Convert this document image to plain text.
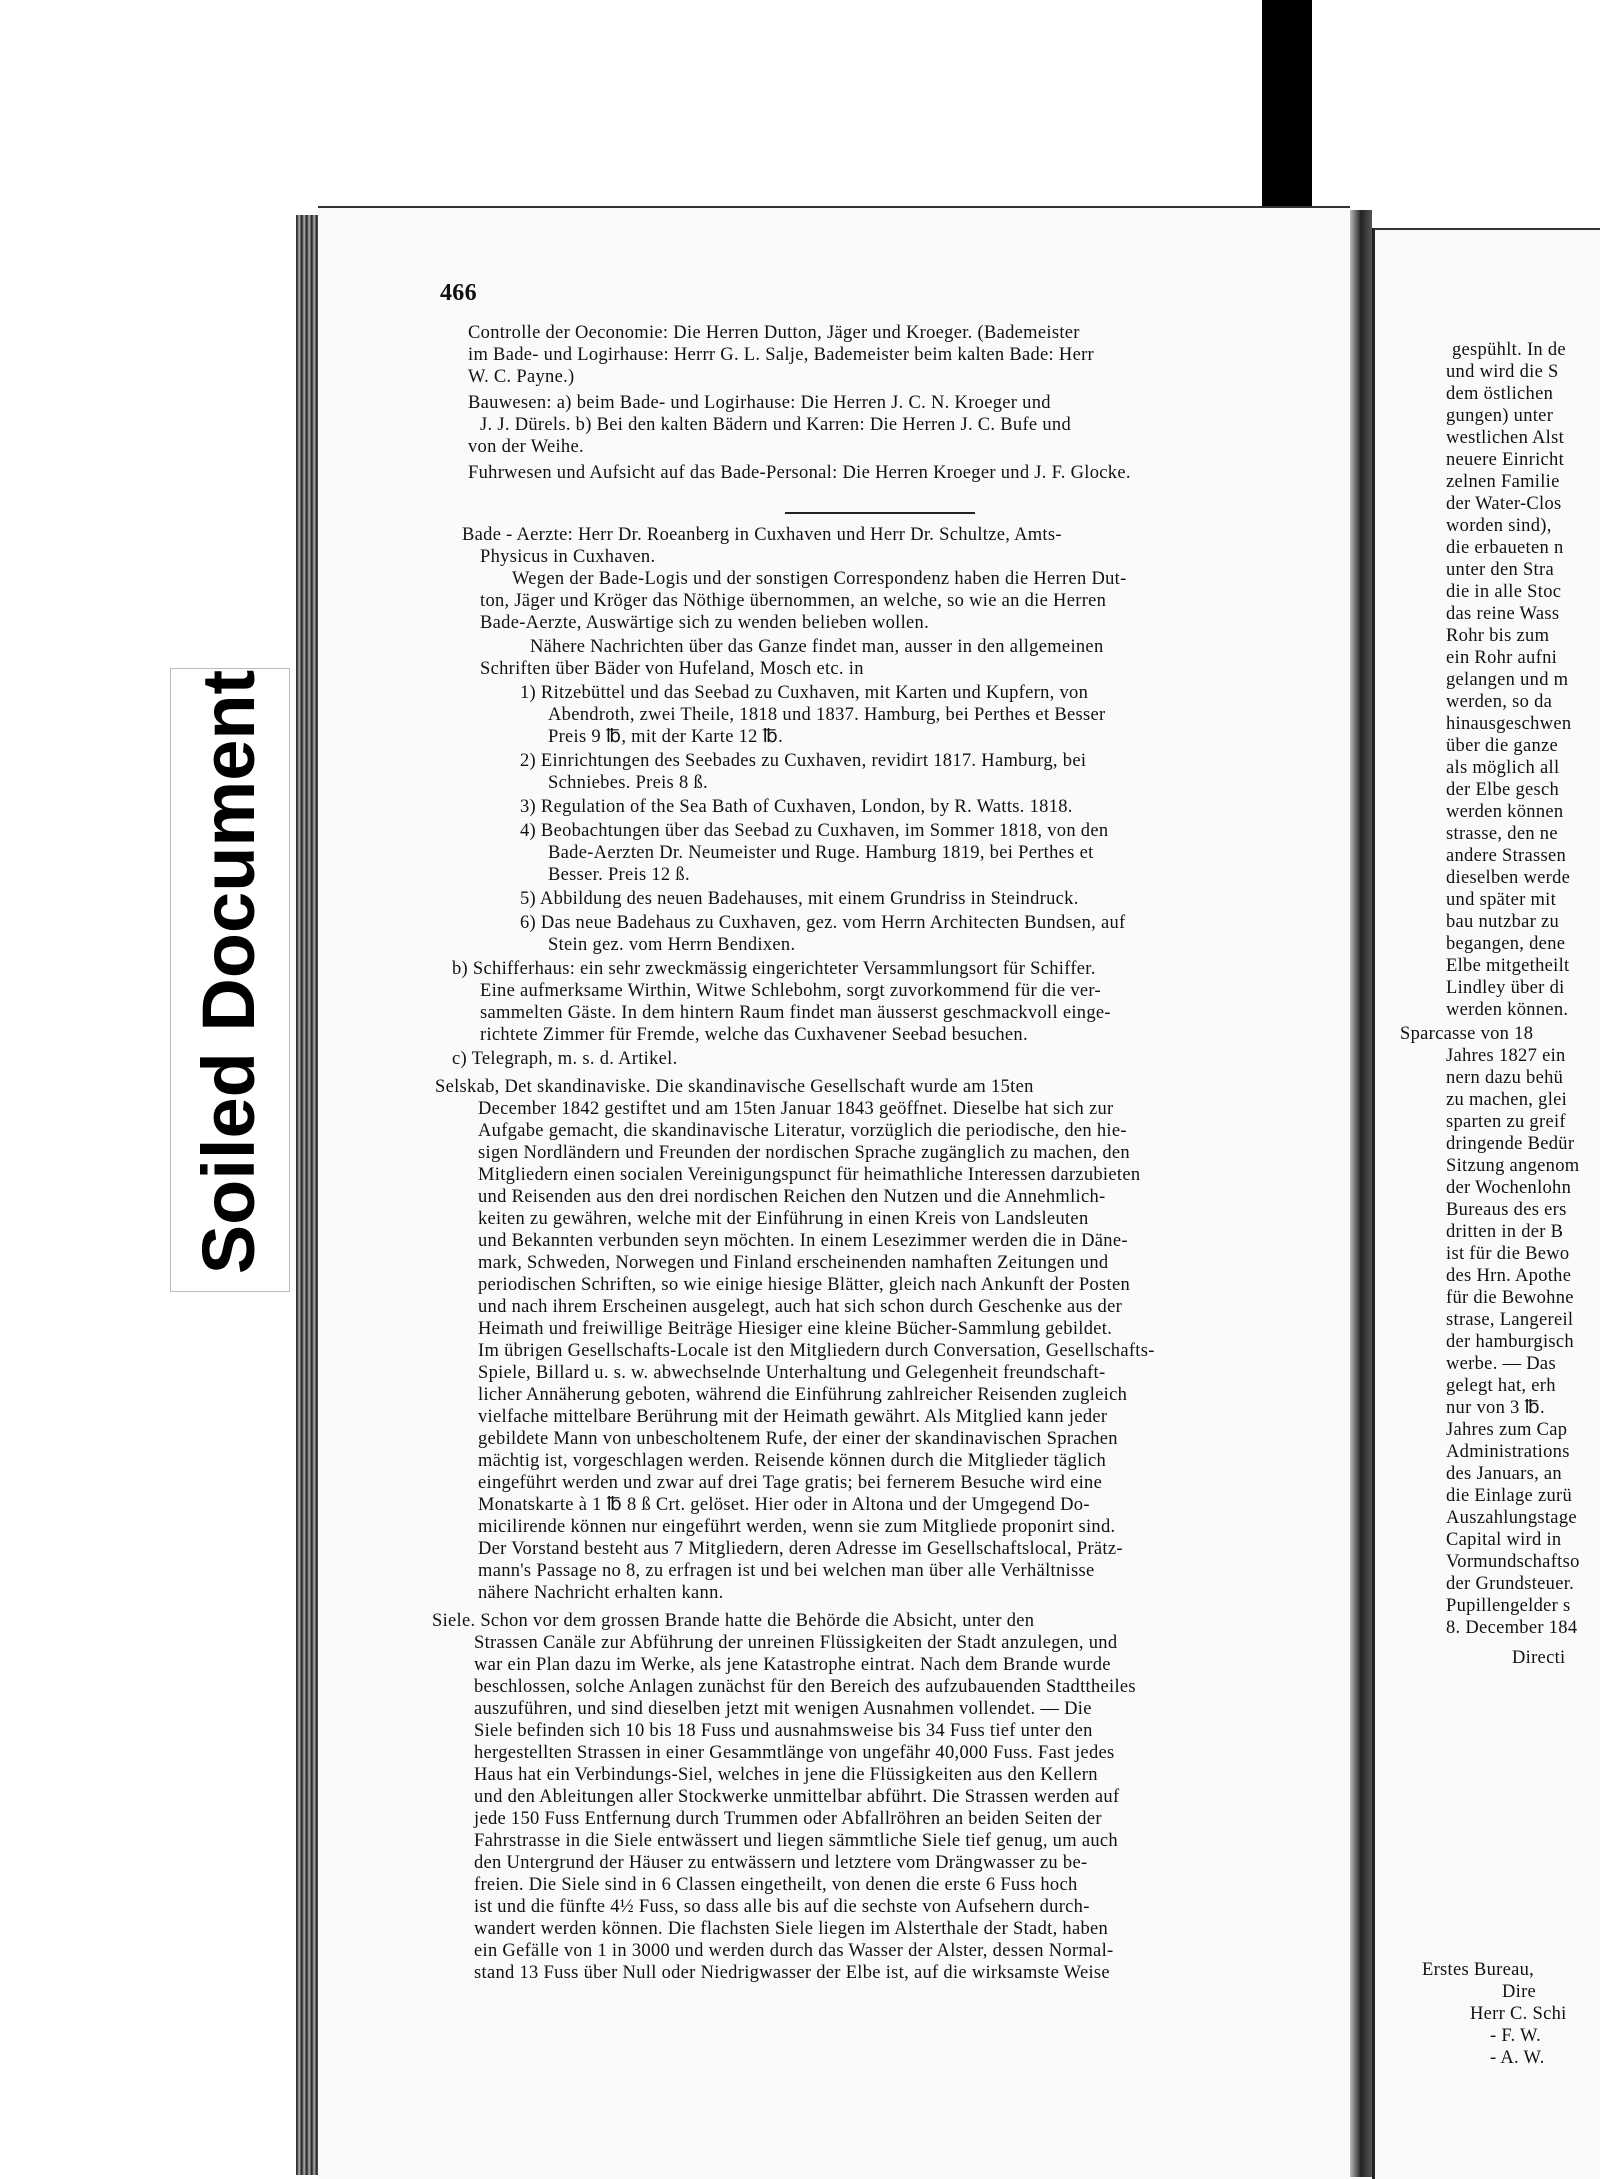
Soiled Document
466
Controlle der Oeconomie: Die Herren Dutton, Jäger und Kroeger. (Bademeister
im Bade- und Logirhause: Herrr G. L. Salje, Bademeister beim kalten Bade: Herr
W. C. Payne.)
Bauwesen: a) beim Bade- und Logirhause: Die Herren J. C. N. Kroeger und
J. J. Dürels. b) Bei den kalten Bädern und Karren: Die Herren J. C. Bufe und
von der Weihe.
Fuhrwesen und Aufsicht auf das Bade-Personal: Die Herren Kroeger und J. F. Glocke.
Bade - Aerzte: Herr Dr. Roeanberg in Cuxhaven und Herr Dr. Schultze, Amts-
Physicus in Cuxhaven.
Wegen der Bade-Logis und der sonstigen Correspondenz haben die Herren Dut-
ton, Jäger und Kröger das Nöthige übernommen, an welche, so wie an die Herren
Bade-Aerzte, Auswärtige sich zu wenden belieben wollen.
Nähere Nachrichten über das Ganze findet man, ausser in den allgemeinen
Schriften über Bäder von Hufeland, Mosch etc. in
1) Ritzebüttel und das Seebad zu Cuxhaven, mit Karten und Kupfern, von
Abendroth, zwei Theile, 1818 und 1837. Hamburg, bei Perthes et Besser
Preis 9 ℔, mit der Karte 12 ℔.
2) Einrichtungen des Seebades zu Cuxhaven, revidirt 1817. Hamburg, bei
Schniebes. Preis 8 ß.
3) Regulation of the Sea Bath of Cuxhaven, London, by R. Watts. 1818.
4) Beobachtungen über das Seebad zu Cuxhaven, im Sommer 1818, von den
Bade-Aerzten Dr. Neumeister und Ruge. Hamburg 1819, bei Perthes et
Besser. Preis 12 ß.
5) Abbildung des neuen Badehauses, mit einem Grundriss in Steindruck.
6) Das neue Badehaus zu Cuxhaven, gez. vom Herrn Architecten Bundsen, auf
Stein gez. vom Herrn Bendixen.
b) Schifferhaus: ein sehr zweckmässig eingerichteter Versammlungsort für Schiffer.
Eine aufmerksame Wirthin, Witwe Schlebohm, sorgt zuvorkommend für die ver-
sammelten Gäste. In dem hintern Raum findet man äusserst geschmackvoll einge-
richtete Zimmer für Fremde, welche das Cuxhavener Seebad besuchen.
c) Telegraph, m. s. d. Artikel.
Selskab, Det skandinaviske. Die skandinavische Gesellschaft wurde am 15ten
December 1842 gestiftet und am 15ten Januar 1843 geöffnet. Dieselbe hat sich zur
Aufgabe gemacht, die skandinavische Literatur, vorzüglich die periodische, den hie-
sigen Nordländern und Freunden der nordischen Sprache zugänglich zu machen, den
Mitgliedern einen socialen Vereinigungspunct für heimathliche Interessen darzubieten
und Reisenden aus den drei nordischen Reichen den Nutzen und die Annehmlich-
keiten zu gewähren, welche mit der Einführung in einen Kreis von Landsleuten
und Bekannten verbunden seyn möchten. In einem Lesezimmer werden die in Däne-
mark, Schweden, Norwegen und Finland erscheinenden namhaften Zeitungen und
periodischen Schriften, so wie einige hiesige Blätter, gleich nach Ankunft der Posten
und nach ihrem Erscheinen ausgelegt, auch hat sich schon durch Geschenke aus der
Heimath und freiwillige Beiträge Hiesiger eine kleine Bücher-Sammlung gebildet.
Im übrigen Gesellschafts-Locale ist den Mitgliedern durch Conversation, Gesellschafts-
Spiele, Billard u. s. w. abwechselnde Unterhaltung und Gelegenheit freundschaft-
licher Annäherung geboten, während die Einführung zahlreicher Reisenden zugleich
vielfache mittelbare Berührung mit der Heimath gewährt. Als Mitglied kann jeder
gebildete Mann von unbescholtenem Rufe, der einer der skandinavischen Sprachen
mächtig ist, vorgeschlagen werden. Reisende können durch die Mitglieder täglich
eingeführt werden und zwar auf drei Tage gratis; bei fernerem Besuche wird eine
Monatskarte à 1 ℔ 8 ß Crt. gelöset. Hier oder in Altona und der Umgegend Do-
micilirende können nur eingeführt werden, wenn sie zum Mitgliede proponirt sind.
Der Vorstand besteht aus 7 Mitgliedern, deren Adresse im Gesellschaftslocal, Prätz-
mann's Passage no 8, zu erfragen ist und bei welchen man über alle Verhältnisse
nähere Nachricht erhalten kann.
Siele. Schon vor dem grossen Brande hatte die Behörde die Absicht, unter den
Strassen Canäle zur Abführung der unreinen Flüssigkeiten der Stadt anzulegen, und
war ein Plan dazu im Werke, als jene Katastrophe eintrat. Nach dem Brande wurde
beschlossen, solche Anlagen zunächst für den Bereich des aufzubauenden Stadttheiles
auszuführen, und sind dieselben jetzt mit wenigen Ausnahmen vollendet. — Die
Siele befinden sich 10 bis 18 Fuss und ausnahmsweise bis 34 Fuss tief unter den
hergestellten Strassen in einer Gesammtlänge von ungefähr 40,000 Fuss. Fast jedes
Haus hat ein Verbindungs-Siel, welches in jene die Flüssigkeiten aus den Kellern
und den Ableitungen aller Stockwerke unmittelbar abführt. Die Strassen werden auf
jede 150 Fuss Entfernung durch Trummen oder Abfallröhren an beiden Seiten der
Fahrstrasse in die Siele entwässert und liegen sämmtliche Siele tief genug, um auch
den Untergrund der Häuser zu entwässern und letztere vom Drängwasser zu be-
freien. Die Siele sind in 6 Classen eingetheilt, von denen die erste 6 Fuss hoch
ist und die fünfte 4½ Fuss, so dass alle bis auf die sechste von Aufsehern durch-
wandert werden können. Die flachsten Siele liegen im Alsterthale der Stadt, haben
ein Gefälle von 1 in 3000 und werden durch das Wasser der Alster, dessen Normal-
stand 13 Fuss über Null oder Niedrigwasser der Elbe ist, auf die wirksamste Weise
gespühlt. In de
und wird die S
dem östlichen
gungen) unter
westlichen Alst
neuere Einricht
zelnen Familie
der Water-Clos
worden sind),
die erbaueten n
unter den Stra
die in alle Stoc
das reine Wass
Rohr bis zum
ein Rohr aufni
gelangen und m
werden, so da
hinausgeschwen
über die ganze
als möglich all
der Elbe gesch
werden können
strasse, den ne
andere Strassen
dieselben werde
und später mit
bau nutzbar zu
begangen, dene
Elbe mitgetheilt
Lindley über di
werden können.
Sparcasse von 18
Jahres 1827 ein
nern dazu behü
zu machen, glei
sparten zu greif
dringende Bedür
Sitzung angenom
der Wochenlohn
Bureaus des ers
dritten in der B
ist für die Bewo
des Hrn. Apothe
für die Bewohne
strase, Langereil
der hamburgisch
werbe. — Das
gelegt hat, erh
nur von 3 ℔.
Jahres zum Cap
Administrations
des Januars, an
die Einlage zurü
Auszahlungstage
Capital wird in
Vormundschaftso
der Grundsteuer.
Pupillengelder s
8. December 184
Directi
Erstes Bureau,
Dire
Herr C. Schi
- F. W.
- A. W.
